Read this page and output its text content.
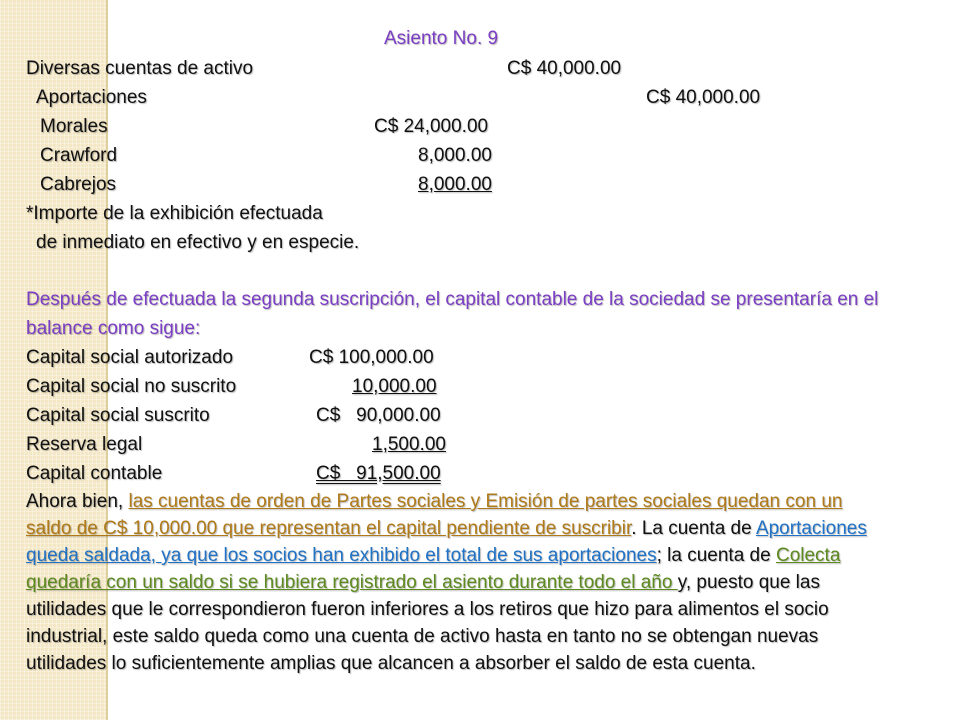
Asiento No. 9
Diversas cuentas de activo	C$ 40,000.00
Aportaciones	C$ 40,000.00
Morales	C$ 24,000.00
Crawford	8,000.00
Cabrejos	8,000.00
*Importe de la exhibición efectuada
de inmediato en efectivo y en especie.
Después de efectuada la segunda suscripción, el capital contable de la sociedad se presentaría en el
balance como sigue:
Capital social autorizado	C$ 100,000.00
Capital social no suscrito	10,000.00
Capital social suscrito	C$   90,000.00
Reserva legal	1,500.00
Capital contable	C$   91,500.00
Ahora bien, las cuentas de orden de Partes sociales y Emisión de partes sociales quedan con un
saldo de C$ 10,000.00 que representan el capital pendiente de suscribir. La cuenta de Aportaciones
queda saldada, ya que los socios han exhibido el total de sus aportaciones; la cuenta de Colecta
quedaría con un saldo si se hubiera registrado el asiento durante todo el año y, puesto que las
utilidades que le correspondieron fueron inferiores a los retiros que hizo para alimentos el socio
industrial, este saldo queda como una cuenta de activo hasta en tanto no se obtengan nuevas
utilidades lo suficientemente amplias que alcancen a absorber el saldo de esta cuenta.
